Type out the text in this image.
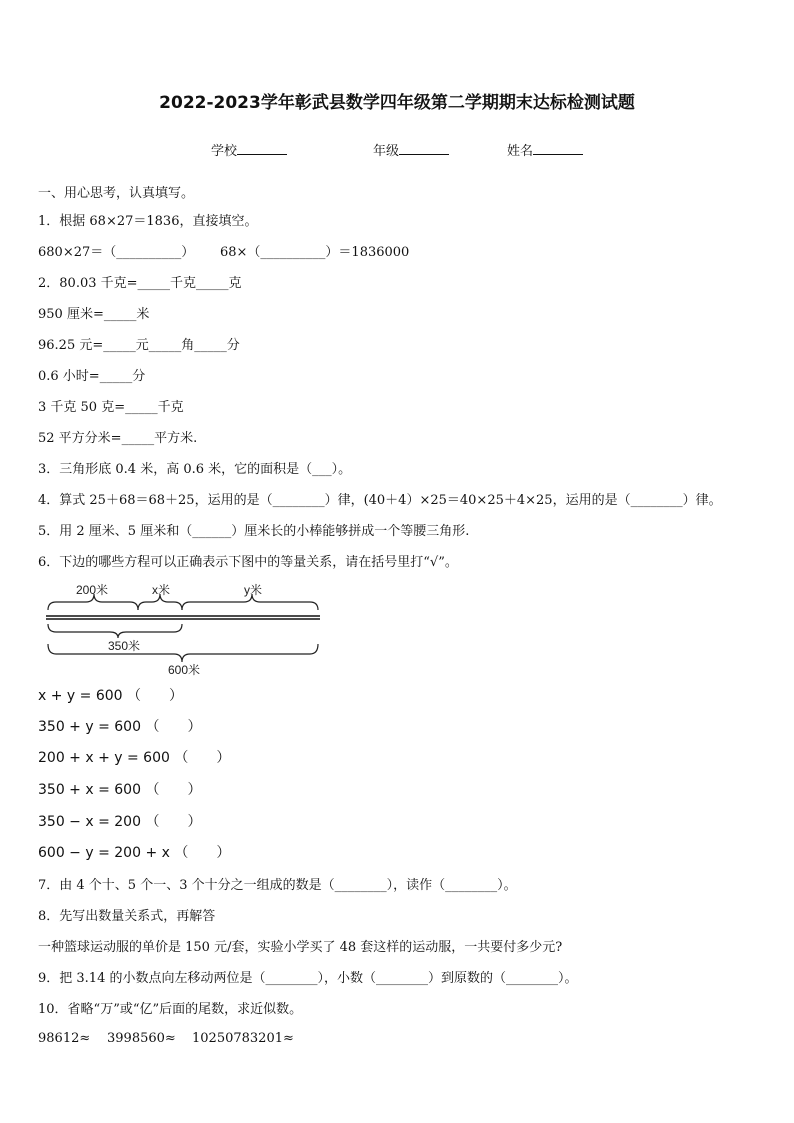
2022-2023学年彰武县数学四年级第二学期期末达标检测试题
学校	年级	姓名
一、用心思考，认真填写。
1．根据 68×27＝1836，直接填空。
680×27＝（__________） 68×（__________）＝1836000
2．80.03 千克=_____千克_____克
950 厘米=_____米
96.25 元=_____元_____角_____分
0.6 小时=_____分
3 千克 50 克=_____千克
52 平方分米=_____平方米.
3．三角形底 0.4 米，高 0.6 米，它的面积是（___）。
4．算式 25＋68＝68＋25，运用的是（________）律，(40＋4）×25＝40×25＋4×25，运用的是（________）律。
5．用 2 厘米、5 厘米和（______）厘米长的小棒能够拼成一个等腰三角形.
6．下边的哪些方程可以正确表示下图中的等量关系，请在括号里打“√”。
200米	x米	y米
350米
600米
x + y = 600 （　　）
350 + y = 600 （　　）
200 + x + y = 600 （　　）
350 + x = 600 （　　）
350 − x = 200 （　　）
600 − y = 200 + x （　　）
7．由 4 个十、5 个一、3 个十分之一组成的数是（________），读作（________）。
8．先写出数量关系式，再解答
一种篮球运动服的单价是 150 元/套，实验小学买了 48 套这样的运动服，一共要付多少元?
9．把 3.14 的小数点向左移动两位是（________），小数（________）到原数的（________）。
10．省略“万”或“亿”后面的尾数，求近似数。
98612≈ 3998560≈ 10250783201≈
